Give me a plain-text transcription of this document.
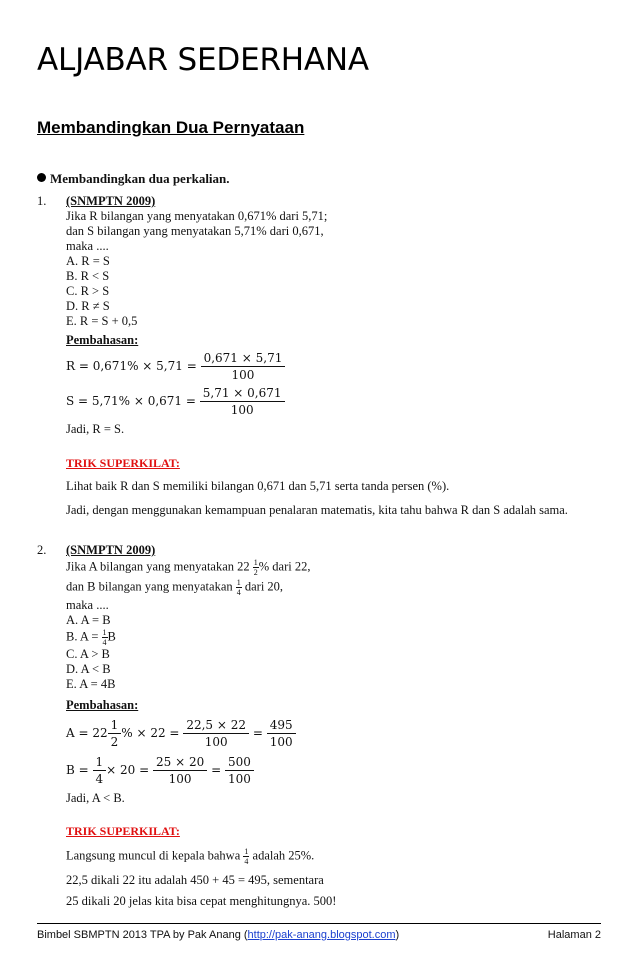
ALJABAR SEDERHANA
Membandingkan Dua Pernyataan
Membandingkan dua perkalian.
1. (SNMPTN 2009)
Jika R bilangan yang menyatakan 0,671% dari 5,71;
dan S bilangan yang menyatakan 5,71% dari 0,671,
maka ....
A. R = S
B. R < S
C. R > S
D. R ≠ S
E. R = S + 0,5
Pembahasan:
$R = 0,671\% \times 5,71 = \frac{0,671 \times 5,71}{100}$
$S = 5,71\% \times 0,671 = \frac{5,71 \times 0,671}{100}$
Jadi, R = S.
TRIK SUPERKILAT:
Lihat baik R dan S memiliki bilangan 0,671 dan 5,71 serta tanda persen (%).
Jadi, dengan menggunakan kemampuan penalaran matematis, kita tahu bahwa R dan S adalah sama.
2. (SNMPTN 2009)
Jika A bilangan yang menyatakan $22 \frac{1}{2}$ % dari 22,
dan B bilangan yang menyatakan $\frac{1}{4}$ dari 20,
maka ....
A. A = B
B. $A = \frac{1}{4}$ B
C. A > B
D. A < B
E. A = 4B
Pembahasan:
$A = 22 \frac{1}{2}$ % × $22 = \frac{22,5 \times 22}{100} = \frac{495}{100}$
$B = \frac{1}{4} \times 20 = \frac{25 \times 20}{100} = \frac{500}{100}$
Jadi, A < B.
TRIK SUPERKILAT:
Langsung muncul di kepala bahwa $\frac{1}{4}$ adalah 25%.
22,5 dikali 22 itu adalah 450 + 45 = 495, sementara
25 dikali 20 jelas kita bisa cepat menghitungnya. 500!
Bimbel SBMPTN 2013 TPA by Pak Anang (http://pak-anang.blogspot.com)	Halaman 2
